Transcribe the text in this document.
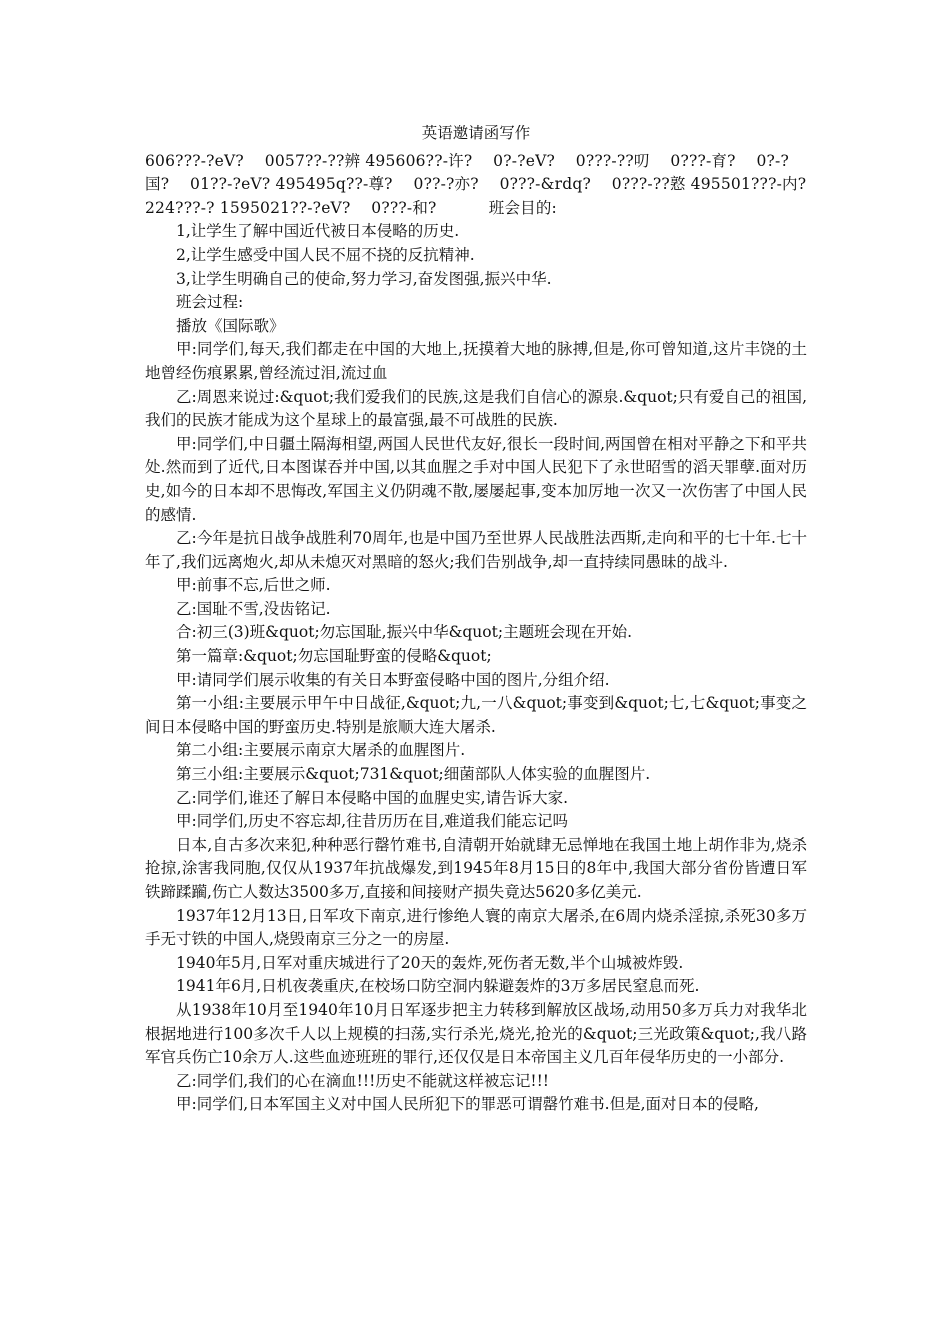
英语邀请函写作
606???-?eV?　 0057??-??辨 495606??-许?　 0?-?eV?　 0???-??叨　 0???-育?　 0?-?国?　 01??-?eV? 495495q??-尊?　 0??-?亦?　 0???-&rdq?　 0???-??憝 495501???-内? 224???-? 1595021??-?eV?　 0???-和?　　　 班会目的:

1,让学生了解中国近代被日本侵略的历史.

2,让学生感受中国人民不屈不挠的反抗精神.

3,让学生明确自己的使命,努力学习,奋发图强,振兴中华.

班会过程:

播放《国际歌》

甲:同学们,每天,我们都走在中国的大地上,抚摸着大地的脉搏,但是,你可曾知道,这片丰饶的土地曾经伤痕累累,曾经流过泪,流过血

乙:周恩来说过:&quot;我们爱我们的民族,这是我们自信心的源泉.&quot;只有爱自己的祖国,我们的民族才能成为这个星球上的最富强,最不可战胜的民族.

甲:同学们,中日疆土隔海相望,两国人民世代友好,很长一段时间,两国曾在相对平静之下和平共处.然而到了近代,日本图谋吞并中国,以其血腥之手对中国人民犯下了永世昭雪的滔天罪孽.面对历史,如今的日本却不思悔改,军国主义仍阴魂不散,屡屡起事,变本加厉地一次又一次伤害了中国人民的感情.

乙:今年是抗日战争战胜利70周年,也是中国乃至世界人民战胜法西斯,走向和平的七十年.七十年了,我们远离炮火,却从未熄灭对黑暗的怒火;我们告别战争,却一直持续同愚昧的战斗.

甲:前事不忘,后世之师.

乙:国耻不雪,没齿铭记.

合:初三(3)班&quot;勿忘国耻,振兴中华&quot;主题班会现在开始.

第一篇章:&quot;勿忘国耻野蛮的侵略&quot;

甲:请同学们展示收集的有关日本野蛮侵略中国的图片,分组介绍.

第一小组:主要展示甲午中日战征,&quot;九,一八&quot;事变到&quot;七,七&quot;事变之间日本侵略中国的野蛮历史.特别是旅顺大连大屠杀.

第二小组:主要展示南京大屠杀的血腥图片.

第三小组:主要展示&quot;731&quot;细菌部队人体实验的血腥图片.

乙:同学们,谁还了解日本侵略中国的血腥史实,请告诉大家.

甲:同学们,历史不容忘却,往昔历历在目,难道我们能忘记吗

日本,自古多次来犯,种种恶行罄竹难书,自清朝开始就肆无忌惮地在我国土地上胡作非为,烧杀抢掠,涂害我同胞,仅仅从1937年抗战爆发,到1945年8月15日的8年中,我国大部分省份皆遭日军铁蹄蹂躏,伤亡人数达3500多万,直接和间接财产损失竟达5620多亿美元.

1937年12月13日,日军攻下南京,进行惨绝人寰的南京大屠杀,在6周内烧杀淫掠,杀死30多万手无寸铁的中国人,烧毁南京三分之一的房屋.

1940年5月,日军对重庆城进行了20天的轰炸,死伤者无数,半个山城被炸毁.

1941年6月,日机夜袭重庆,在校场口防空洞内躲避轰炸的3万多居民窒息而死.

从1938年10月至1940年10月日军逐步把主力转移到解放区战场,动用50多万兵力对我华北根据地进行100多次千人以上规模的扫荡,实行杀光,烧光,抢光的&quot;三光政策&quot;,我八路军官兵伤亡10余万人.这些血迹班班的罪行,还仅仅是日本帝国主义几百年侵华历史的一小部分.

乙:同学们,我们的心在滴血!!!历史不能就这样被忘记!!!

甲:同学们,日本军国主义对中国人民所犯下的罪恶可谓罄竹难书.但是,面对日本的侵略,
